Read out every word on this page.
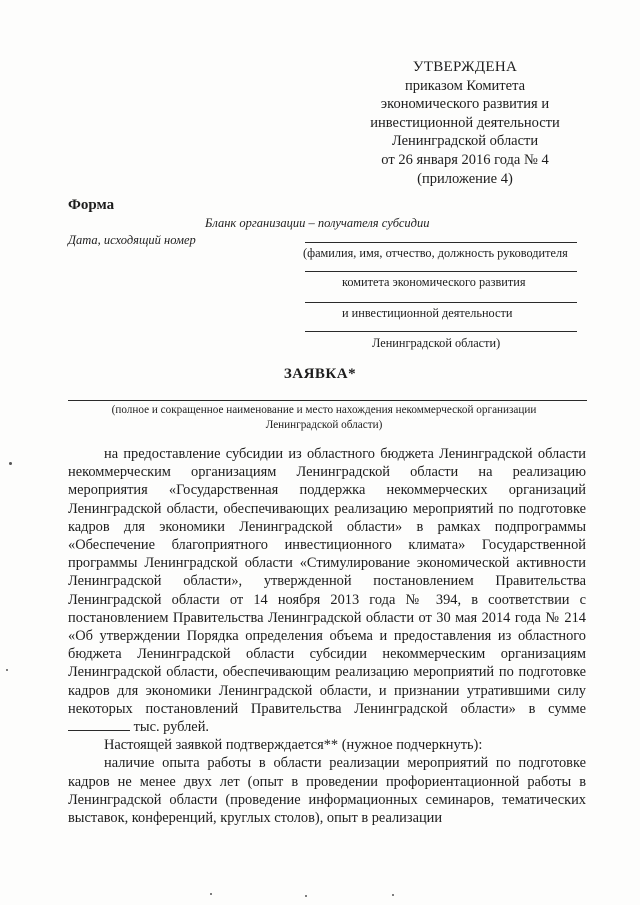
УТВЕРЖДЕНА
приказом Комитета
экономического развития и
инвестиционной деятельности
Ленинградской области
от 26 января 2016 года № 4
(приложение 4)
Форма
Бланк организации – получателя субсидии
Дата, исходящий номер
(фамилия, имя, отчество, должность руководителя
комитета экономического развития
и инвестиционной деятельности
Ленинградской области)
ЗАЯВКА*
(полное и сокращенное наименование и место нахождения некоммерческой организации
Ленинградской области)

на предоставление субсидии из областного бюджета Ленинградской области некоммерческим организациям Ленинградской области на реализацию мероприятия «Государственная поддержка некоммерческих организаций Ленинградской области, обеспечивающих реализацию мероприятий по подготовке кадров для экономики Ленинградской области» в рамках подпрограммы «Обеспечение благоприятного инвестиционного климата» Государственной программы Ленинградской области «Стимулирование экономической активности Ленинградской области», утвержденной постановлением Правительства Ленинградской области от 14 ноября 2013 года № 394, в соответствии с постановлением Правительства Ленинградской области от 30 мая 2014 года № 214 «Об утверждении Порядка определения объема и предоставления из областного бюджета Ленинградской области субсидии некоммерческим организациям Ленинградской области, обеспечивающим реализацию мероприятий по подготовке кадров для экономики Ленинградской области, и признании утратившими силу некоторых постановлений Правительства Ленинградской области» в сумме  тыс. рублей.

Настоящей заявкой подтверждается** (нужное подчеркнуть):

наличие опыта работы в области реализации мероприятий по подготовке кадров не менее двух лет (опыт в проведении профориентационной работы в Ленинградской области (проведение информационных семинаров, тематических выставок, конференций, круглых столов), опыт в реализации
